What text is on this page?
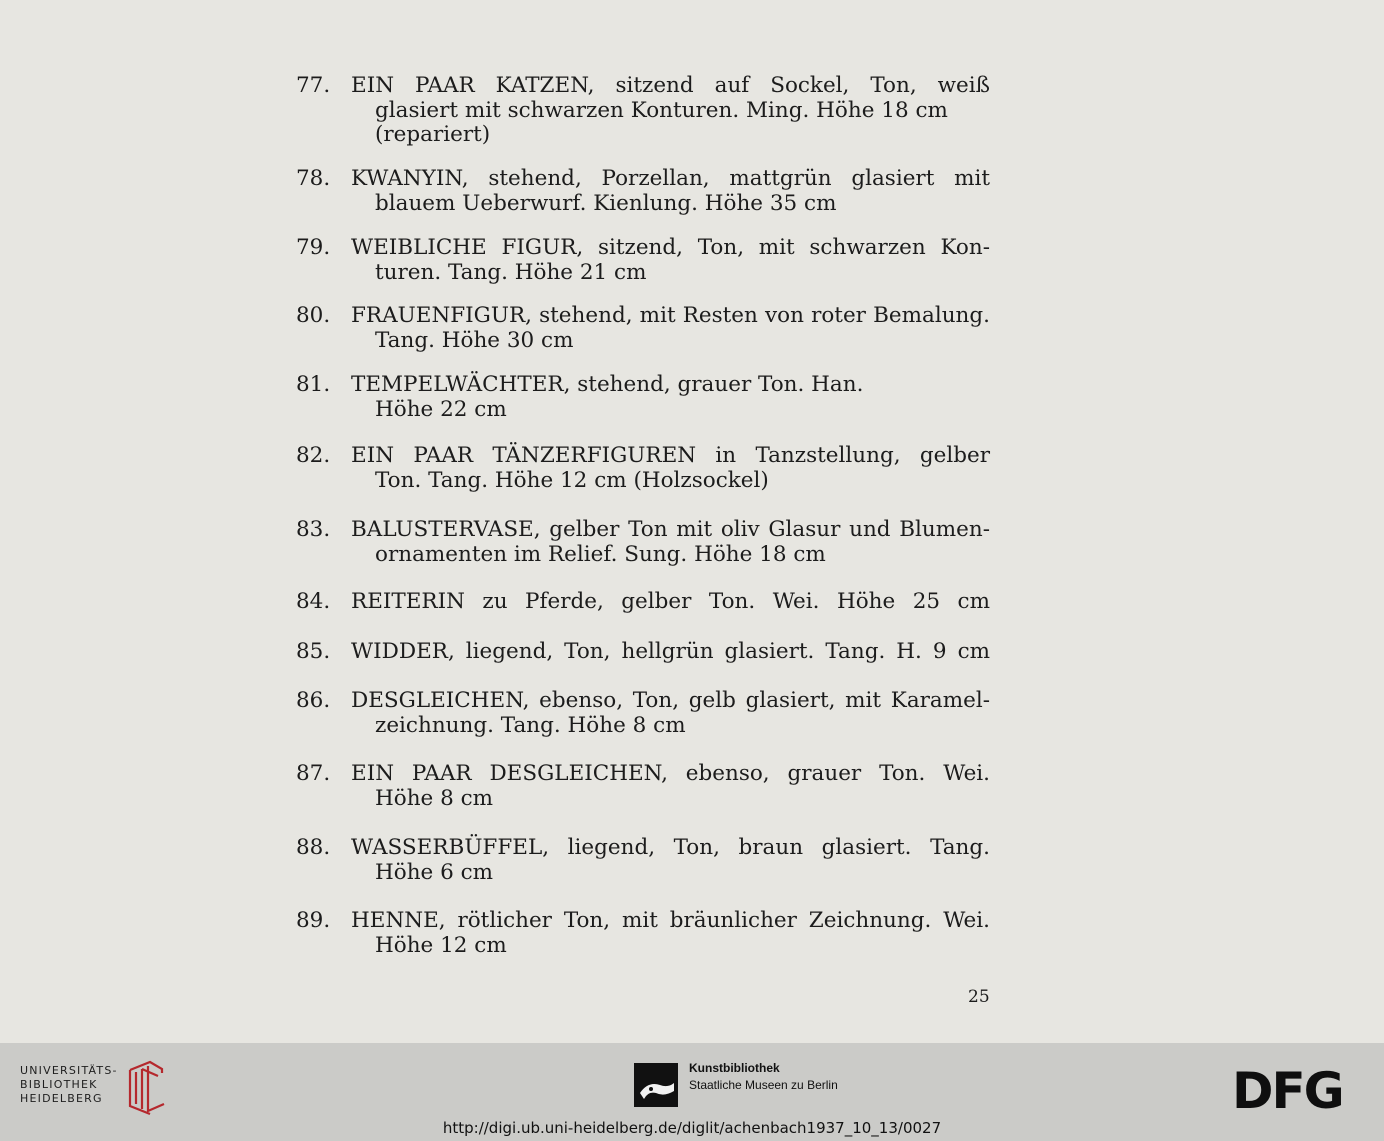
77. EIN PAAR KATZEN, sitzend auf Sockel, Ton, weiß
glasiert mit schwarzen Konturen. Ming. Höhe 18 cm
(repariert)
78. KWANYIN, stehend, Porzellan, mattgrün glasiert mit
blauem Ueberwurf. Kienlung. Höhe 35 cm
79. WEIBLICHE FIGUR, sitzend, Ton, mit schwarzen Kon-
turen. Tang. Höhe 21 cm
80. FRAUENFIGUR, stehend, mit Resten von roter Bemalung.
Tang. Höhe 30 cm
81. TEMPELWÄCHTER, stehend, grauer Ton. Han.
Höhe 22 cm
82. EIN PAAR TÄNZERFIGUREN in Tanzstellung, gelber
Ton. Tang. Höhe 12 cm (Holzsockel)
83. BALUSTERVASE, gelber Ton mit oliv Glasur und Blumen-
ornamenten im Relief. Sung. Höhe 18 cm
84. REITERIN zu Pferde, gelber Ton. Wei. Höhe 25 cm
85. WIDDER, liegend, Ton, hellgrün glasiert. Tang. H. 9 cm
86. DESGLEICHEN, ebenso, Ton, gelb glasiert, mit Karamel-
zeichnung. Tang. Höhe 8 cm
87. EIN PAAR DESGLEICHEN, ebenso, grauer Ton. Wei.
Höhe 8 cm
88. WASSERBÜFFEL, liegend, Ton, braun glasiert. Tang.
Höhe 6 cm
89. HENNE, rötlicher Ton, mit bräunlicher Zeichnung. Wei.
Höhe 12 cm
25
UNIVERSITÄTS-
BIBLIOTHEK
HEIDELBERG
Kunstbibliothek
Staatliche Museen zu Berlin	DFG
http://digi.ub.uni-heidelberg.de/diglit/achenbach1937_10_13/0027
